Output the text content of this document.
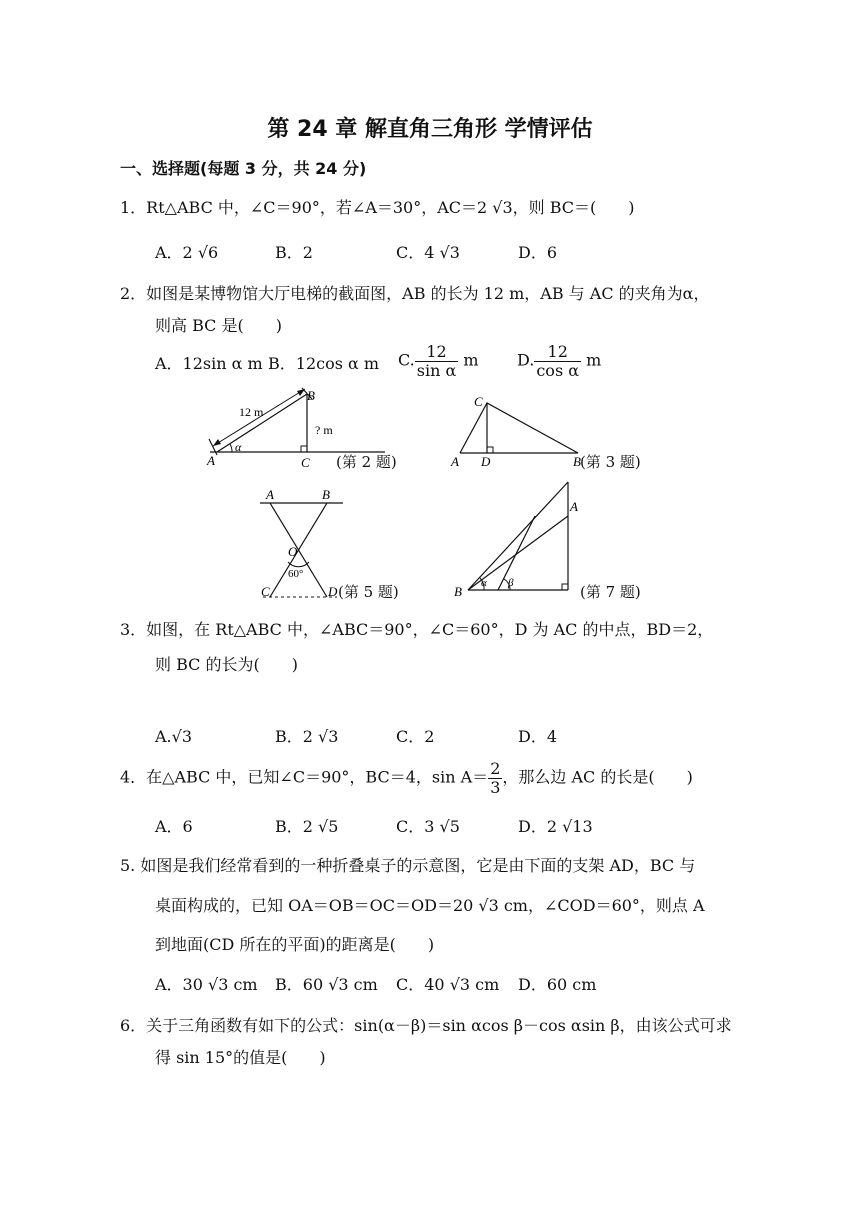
第 24 章 解直角三角形 学情评估
一、选择题(每题 3 分，共 24 分)
1．Rt△ABC 中，∠C＝90°，若∠A＝30°，AC＝2 √3，则 BC＝(　　)
A．2 √6	B．2	C．4 √3	D．6
2．如图是某博物馆大厅电梯的截面图，AB 的长为 12 m，AB 与 AC 的夹角为α，
则高 BC 是(　　)
A．12sin α m B．12cos α m C. $\frac{12}{\text{sin α}}$ m D. $\frac{12}{\text{cos α}}$ m
12 m
? m
A
B
C
α
(第 2 题)	A	B
C
D	(第 3 题)
A	B
C	D
O
60°
(第 5 题)	B
A
α β	(第 7 题)
3．如图，在 Rt△ABC 中，∠ABC＝90°，∠C＝60°，D 为 AC 的中点，BD＝2，
则 BC 的长为(　　)
A.√3	B．2 √3	C．2	D．4
4．在△ABC 中，已知∠C＝90°，BC＝4，$\sin A= \frac{2}{3}$ ，那么边 AC 的长是(　　)
A．6	B．2 √5	C．3 √5	D．2 √13
5. 如图是我们经常看到的一种折叠桌子的示意图，它是由下面的支架 AD，BC 与
桌面构成的，已知 OA＝OB＝OC＝OD＝20 √3 cm，∠COD＝60°，则点 A
到地面(CD 所在的平面)的距离是(　　)
A．30 √3 cm B．60 √3 cm C．40 √3 cm D．60 cm
6．关于三角函数有如下的公式：sin(α－β)＝sin αcos β－cos αsin β，由该公式可求
得 sin 15°的值是(　　)
